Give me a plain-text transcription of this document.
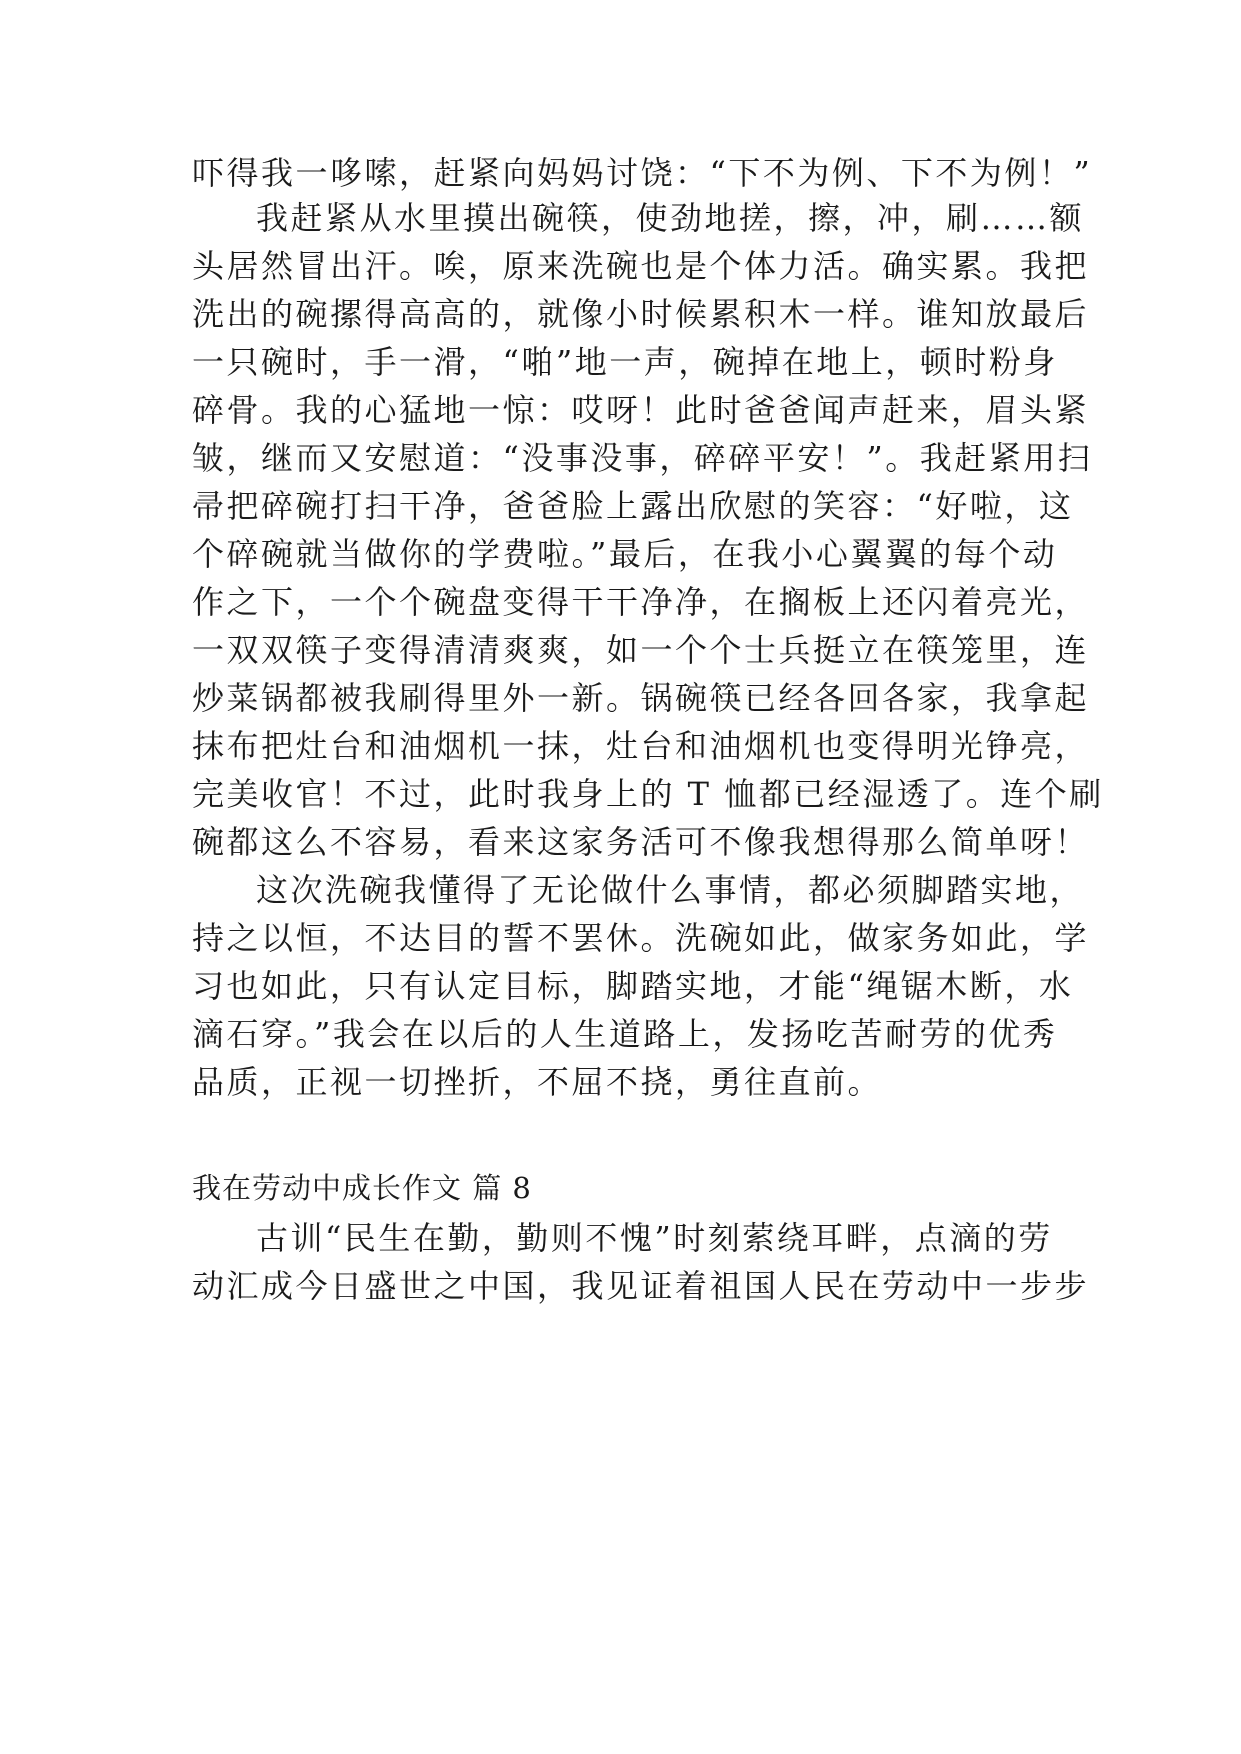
吓得我一哆嗦，赶紧向妈妈讨饶：“下不为例、下不为例！”
我赶紧从水里摸出碗筷，使劲地搓，擦，冲，刷……额
头居然冒出汗。唉，原来洗碗也是个体力活。确实累。我把
洗出的碗摞得高高的，就像小时候累积木一样。谁知放最后
一只碗时，手一滑，“啪”地一声，碗掉在地上，顿时粉身
碎骨。我的心猛地一惊：哎呀！此时爸爸闻声赶来，眉头紧
皱，继而又安慰道：“没事没事，碎碎平安！”。我赶紧用扫
帚把碎碗打扫干净，爸爸脸上露出欣慰的笑容：“好啦，这
个碎碗就当做你的学费啦。”最后，在我小心翼翼的每个动
作之下，一个个碗盘变得干干净净，在搁板上还闪着亮光，
一双双筷子变得清清爽爽，如一个个士兵挺立在筷笼里，连
炒菜锅都被我刷得里外一新。锅碗筷已经各回各家，我拿起
抹布把灶台和油烟机一抹，灶台和油烟机也变得明光铮亮，
完美收官！不过，此时我身上的 T 恤都已经湿透了。连个刷
碗都这么不容易，看来这家务活可不像我想得那么简单呀！
这次洗碗我懂得了无论做什么事情，都必须脚踏实地，
持之以恒，不达目的誓不罢休。洗碗如此，做家务如此，学
习也如此，只有认定目标，脚踏实地，才能“绳锯木断，水
滴石穿。”我会在以后的人生道路上，发扬吃苦耐劳的优秀
品质，正视一切挫折，不屈不挠，勇往直前。
我在劳动中成长作文 篇 8
古训“民生在勤，勤则不愧”时刻萦绕耳畔，点滴的劳
动汇成今日盛世之中国，我见证着祖国人民在劳动中一步步
